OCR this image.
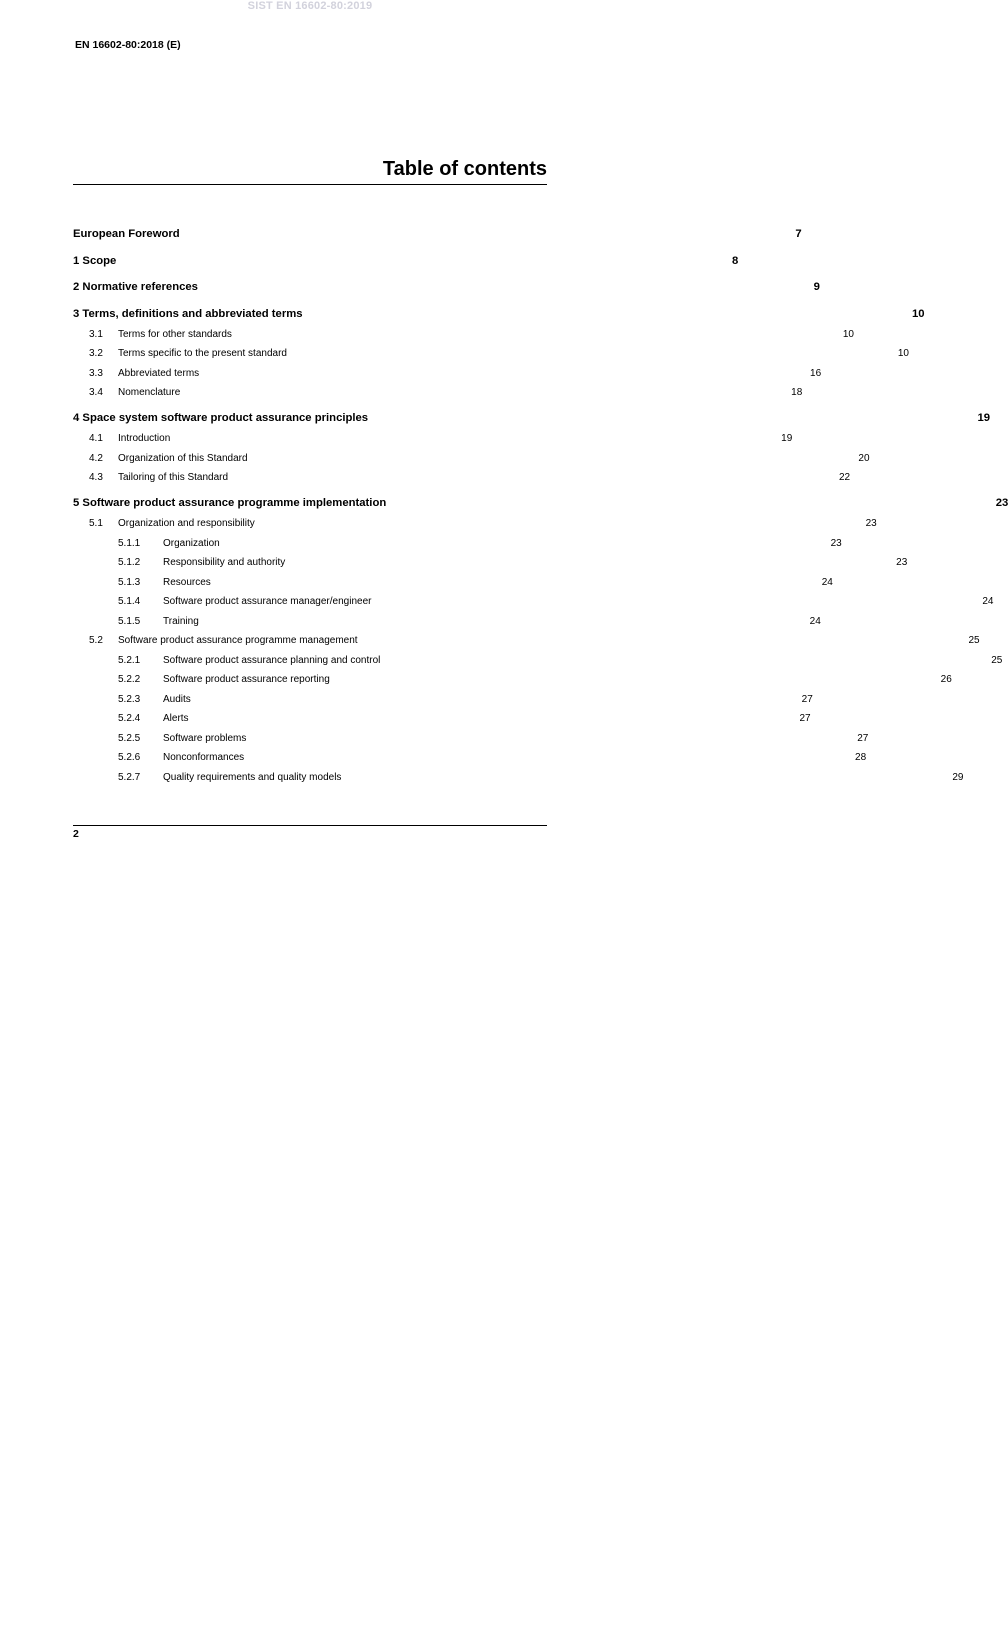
SIST EN 16602-80:2019
EN 16602-80:2018 (E)
Table of contents
European Foreword	7
1 Scope	8
2 Normative references	9
3 Terms, definitions and abbreviated terms	10
3.1	Terms for other standards	10
3.2	Terms specific to the present standard	10
3.3	Abbreviated terms	16
3.4	Nomenclature	18
4 Space system software product assurance principles	19
4.1	Introduction	19
4.2	Organization of this Standard	20
4.3	Tailoring of this Standard	22
5 Software product assurance programme implementation	23
5.1	Organization and responsibility	23
5.1.1	Organization	23
5.1.2	Responsibility and authority	23
5.1.3	Resources	24
5.1.4	Software product assurance manager/engineer	24
5.1.5	Training	24
5.2	Software product assurance programme management	25
5.2.1	Software product assurance planning and control	25
5.2.2	Software product assurance reporting	26
5.2.3	Audits	27
5.2.4	Alerts	27
5.2.5	Software problems	27
5.2.6	Nonconformances	28
5.2.7	Quality requirements and quality models	29
2
